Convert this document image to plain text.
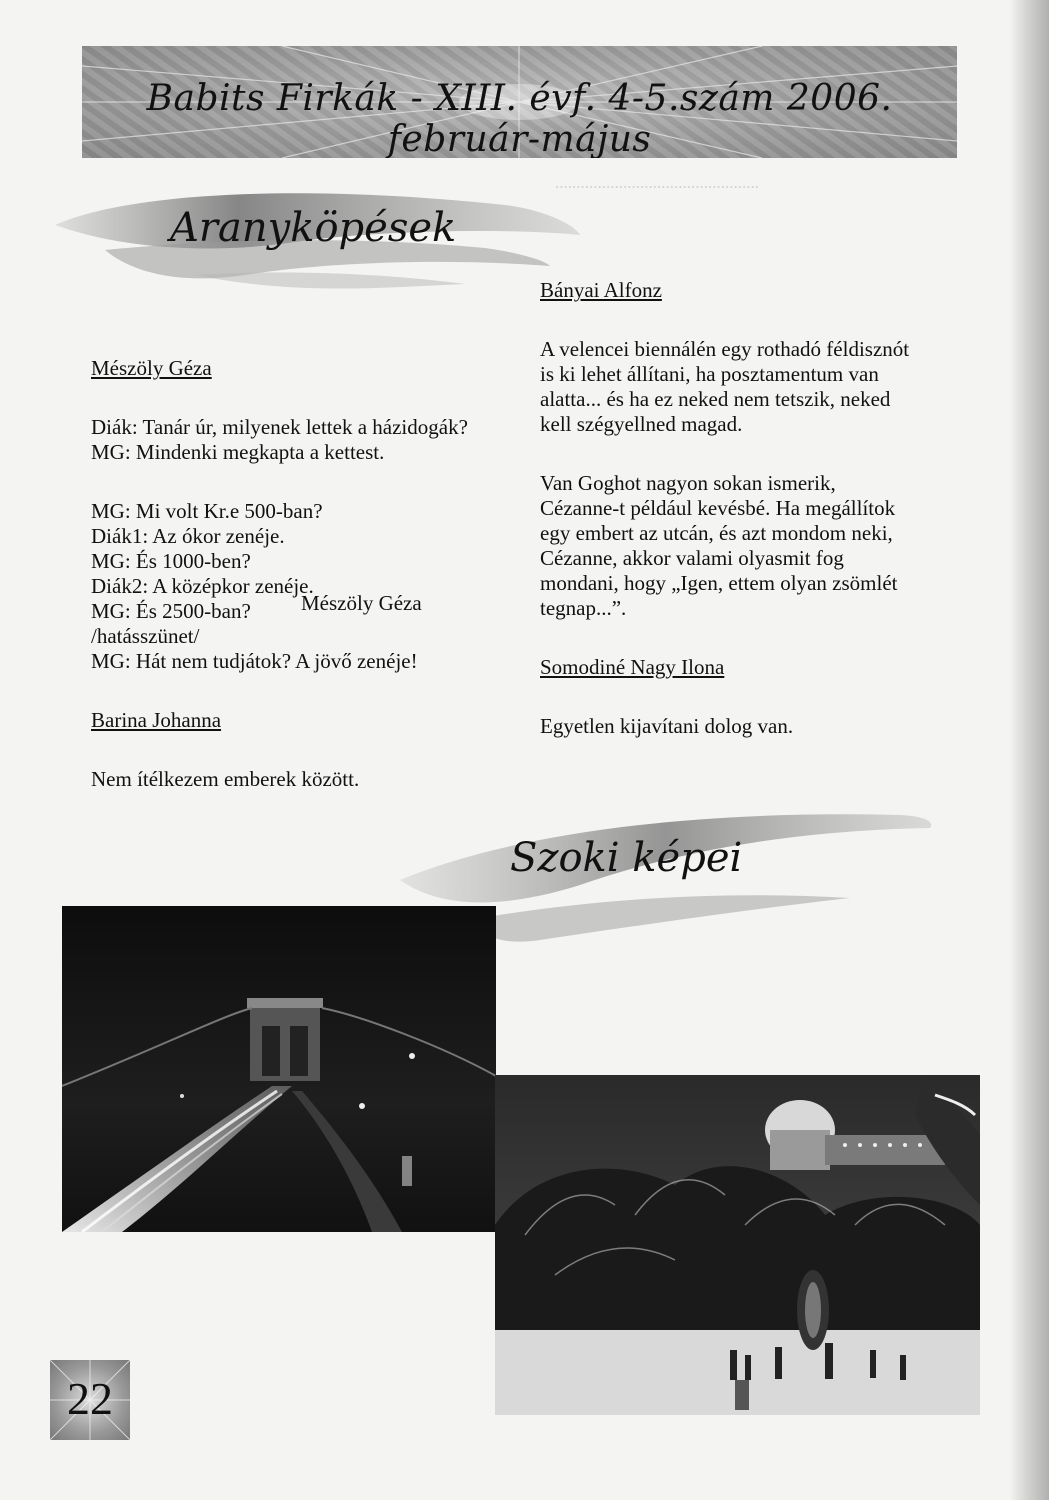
................................................
Babits Firkák - XIII. évf. 4-5.szám 2006. február-május
Aranyköpések

Mészöly Géza

Diák: Tanár úr, milyenek lettek a házidogák?

MG: Mindenki megkapta a kettest.

MG: Mi volt Kr.e 500-ban?

Diák1: Az ókor zenéje.

MG: És 1000-ben?

Diák2: A középkor zenéje.

MG: És 2500-ban? Mészöly Géza

/hatásszünet/

MG: Hát nem tudjátok? A jövő zenéje!

Barina Johanna

Nem ítélkezem emberek között.

Bányai Alfonz

A velencei biennálén egy rothadó féldisznót

is ki lehet állítani, ha posztamentum van

alatta... és ha ez neked nem tetszik, neked

kell szégyellned magad.

Van Goghot nagyon sokan ismerik,

Cézanne-t például kevésbé. Ha megállítok

egy embert az utcán, és azt mondom neki,

Cézanne, akkor valami olyasmit fog

mondani, hogy „Igen, ettem olyan zsömlét

tegnap...”.

Somodiné Nagy Ilona

Egyetlen kijavítani dolog van.

Szoki képei
22
